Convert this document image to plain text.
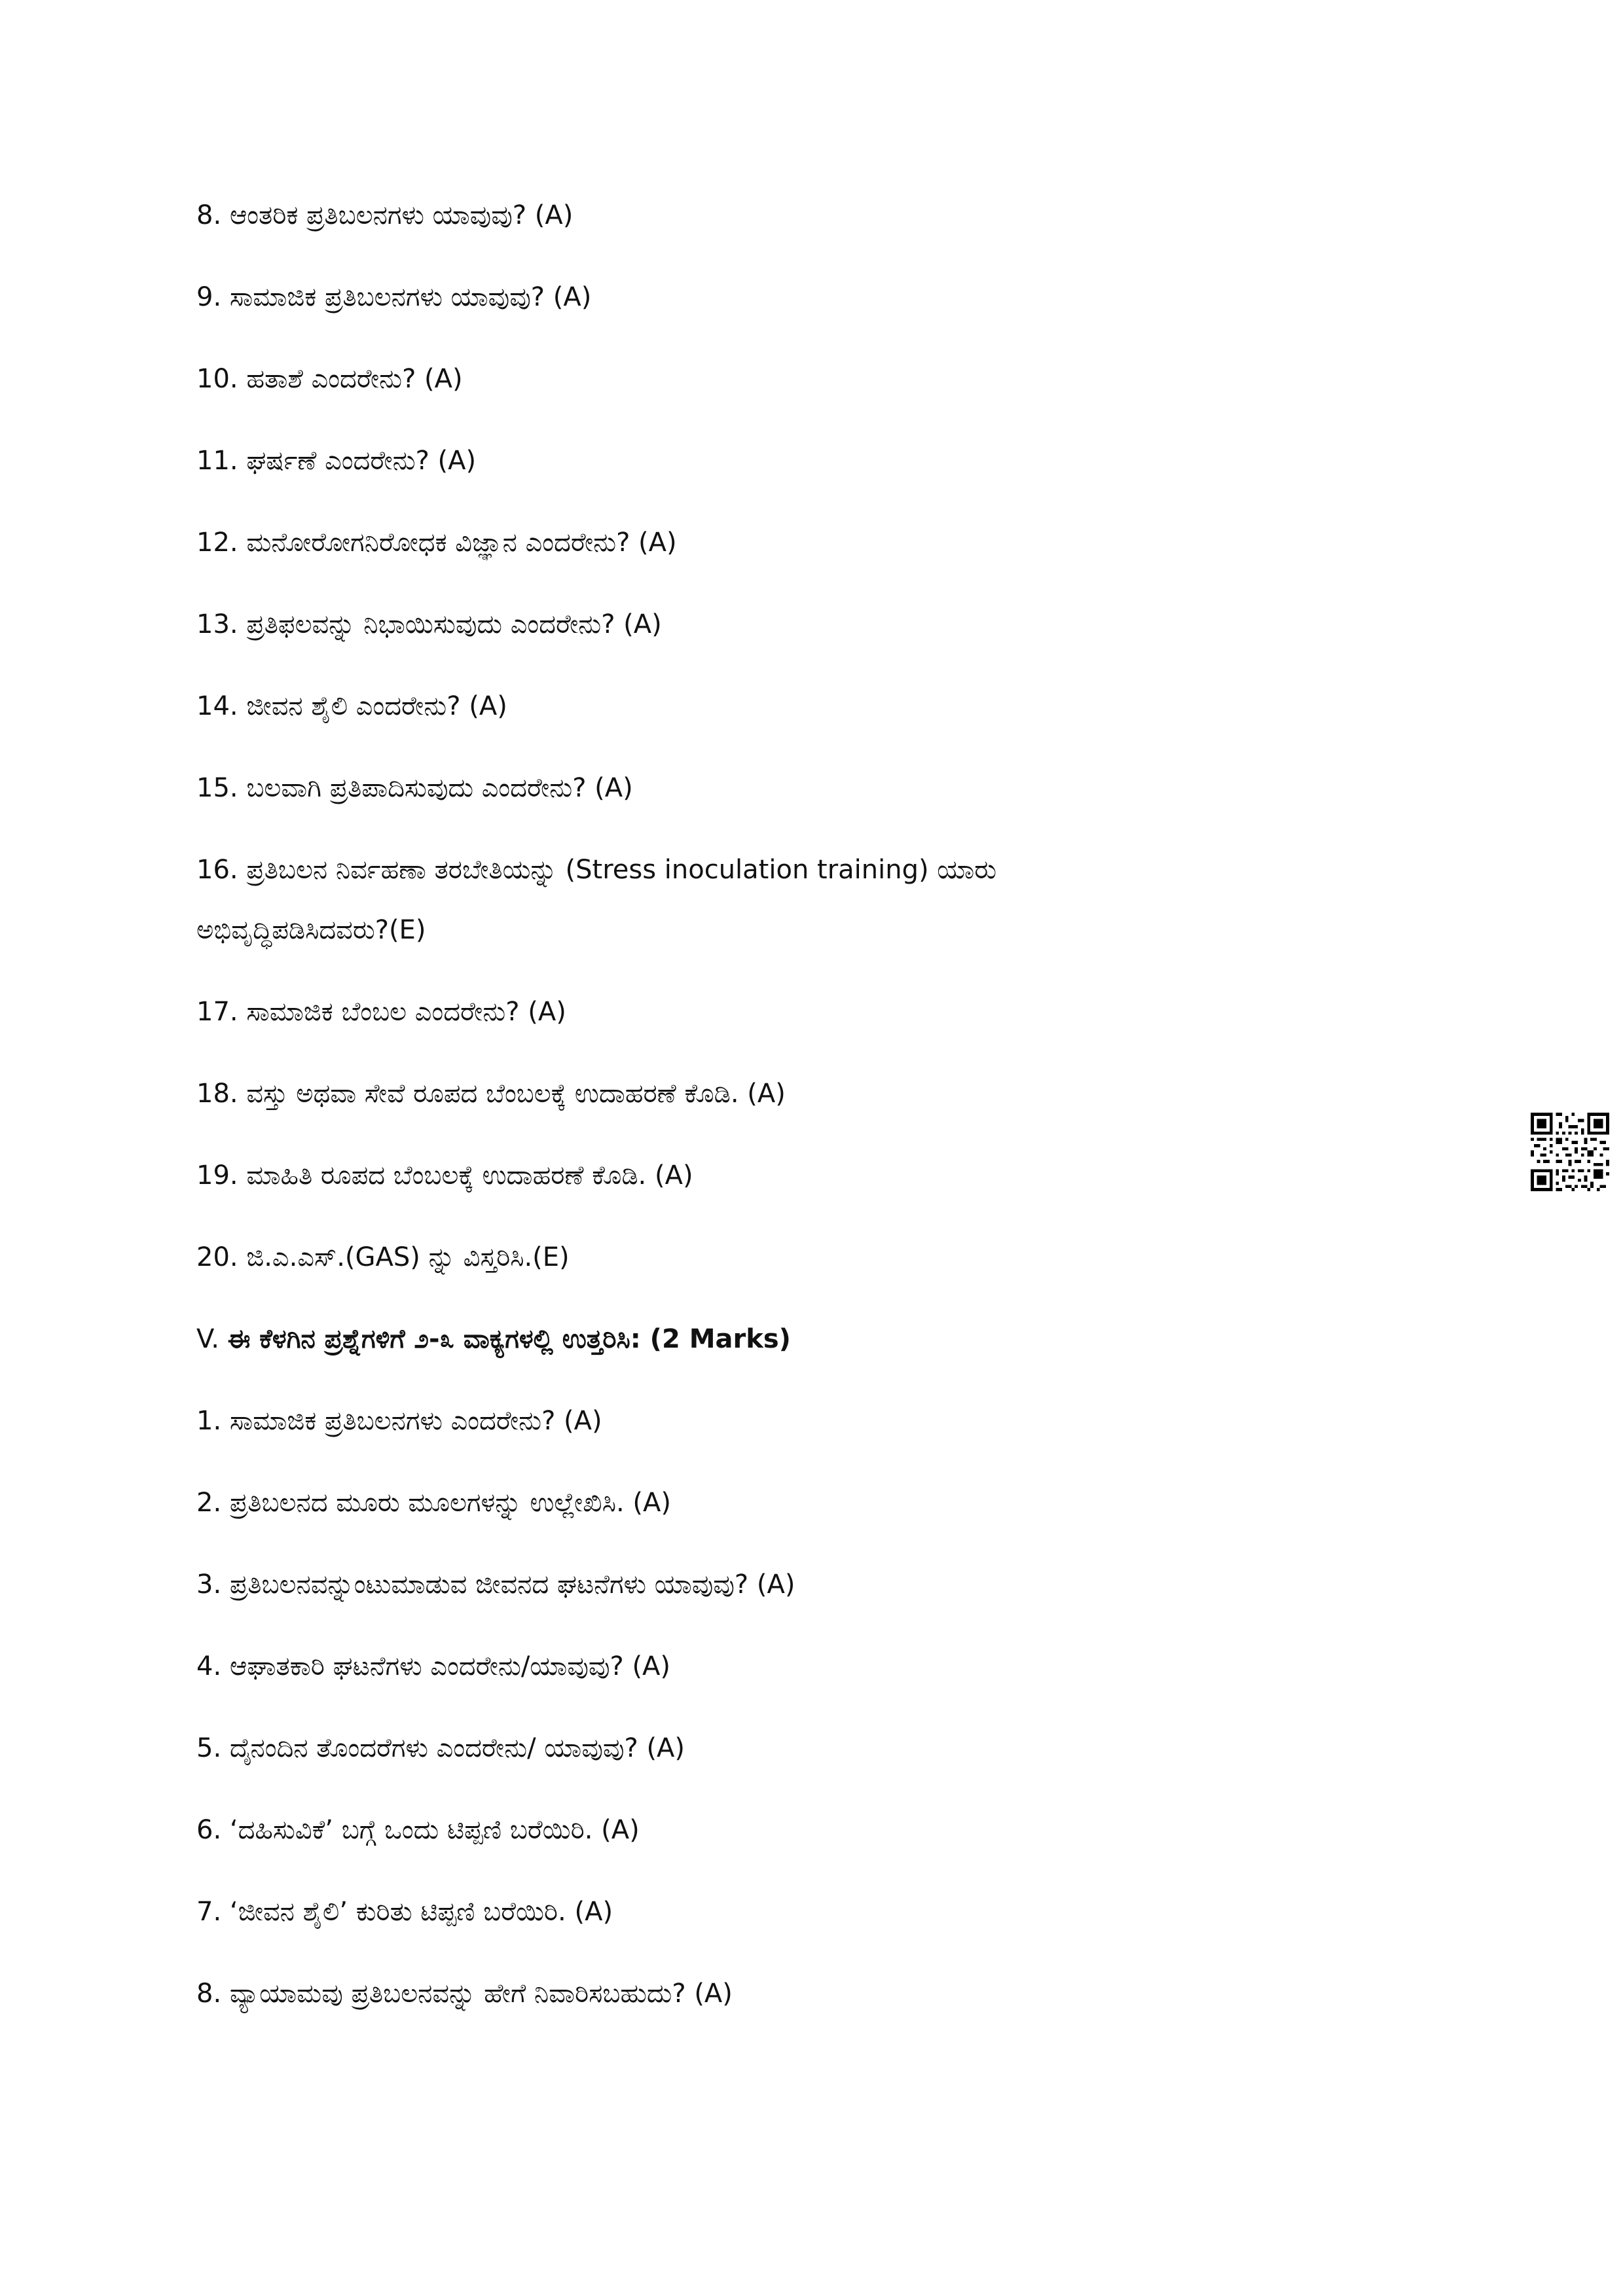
8. ಆಂತರಿಕ ಪ್ರತಿಬಲನಗಳು ಯಾವುವು? (A)
9. ಸಾಮಾಜಿಕ ಪ್ರತಿಬಲನಗಳು ಯಾವುವು? (A)
10. ಹತಾಶೆ ಎಂದರೇನು? (A)
11. ಘರ್ಷಣೆ ಎಂದರೇನು? (A)
12. ಮನೋರೋಗನಿರೋಧಕ ವಿಜ್ಞಾನ ಎಂದರೇನು? (A)
13. ಪ್ರತಿಫಲವನ್ನು ನಿಭಾಯಿಸುವುದು ಎಂದರೇನು? (A)
14. ಜೀವನ ಶೈಲಿ ಎಂದರೇನು? (A)
15. ಬಲವಾಗಿ ಪ್ರತಿಪಾದಿಸುವುದು ಎಂದರೇನು? (A)
16. ಪ್ರತಿಬಲನ ನಿರ್ವಹಣಾ ತರಬೇತಿಯನ್ನು (Stress inoculation training) ಯಾರು
ಅಭಿವೃದ್ಧಿಪಡಿಸಿದವರು?(E)
17. ಸಾಮಾಜಿಕ ಬೆಂಬಲ ಎಂದರೇನು? (A)
18. ವಸ್ತು ಅಥವಾ ಸೇವೆ ರೂಪದ ಬೆಂಬಲಕ್ಕೆ ಉದಾಹರಣೆ ಕೊಡಿ. (A)
19. ಮಾಹಿತಿ ರೂಪದ ಬೆಂಬಲಕ್ಕೆ ಉದಾಹರಣೆ ಕೊಡಿ. (A)
20. ಜಿ.ಎ.ಎಸ್.(GAS) ನ್ನು ವಿಸ್ತರಿಸಿ.(E)
V. ಈ ಕೆಳಗಿನ ಪ್ರಶ್ನೆಗಳಿಗೆ ೨-೩ ವಾಕ್ಯಗಳಲ್ಲಿ ಉತ್ತರಿಸಿ: (2 Marks)
1. ಸಾಮಾಜಿಕ ಪ್ರತಿಬಲನಗಳು ಎಂದರೇನು? (A)
2. ಪ್ರತಿಬಲನದ ಮೂರು ಮೂಲಗಳನ್ನು ಉಲ್ಲೇಖಿಸಿ. (A)
3. ಪ್ರತಿಬಲನವನ್ನುಂಟುಮಾಡುವ ಜೀವನದ ಘಟನೆಗಳು ಯಾವುವು? (A)
4. ಆಘಾತಕಾರಿ ಘಟನೆಗಳು ಎಂದರೇನು/ಯಾವುವು? (A)
5. ದೈನಂದಿನ ತೊಂದರೆಗಳು ಎಂದರೇನು/ ಯಾವುವು? (A)
6. ‘ದಹಿಸುವಿಕೆ’ ಬಗ್ಗೆ ಒಂದು ಟಿಪ್ಪಣಿ ಬರೆಯಿರಿ. (A)
7. ‘ಜೀವನ ಶೈಲಿ’ ಕುರಿತು ಟಿಪ್ಪಣಿ ಬರೆಯಿರಿ. (A)
8. ವ್ಯಾಯಾಮವು ಪ್ರತಿಬಲನವನ್ನು ಹೇಗೆ ನಿವಾರಿಸಬಹುದು? (A)
